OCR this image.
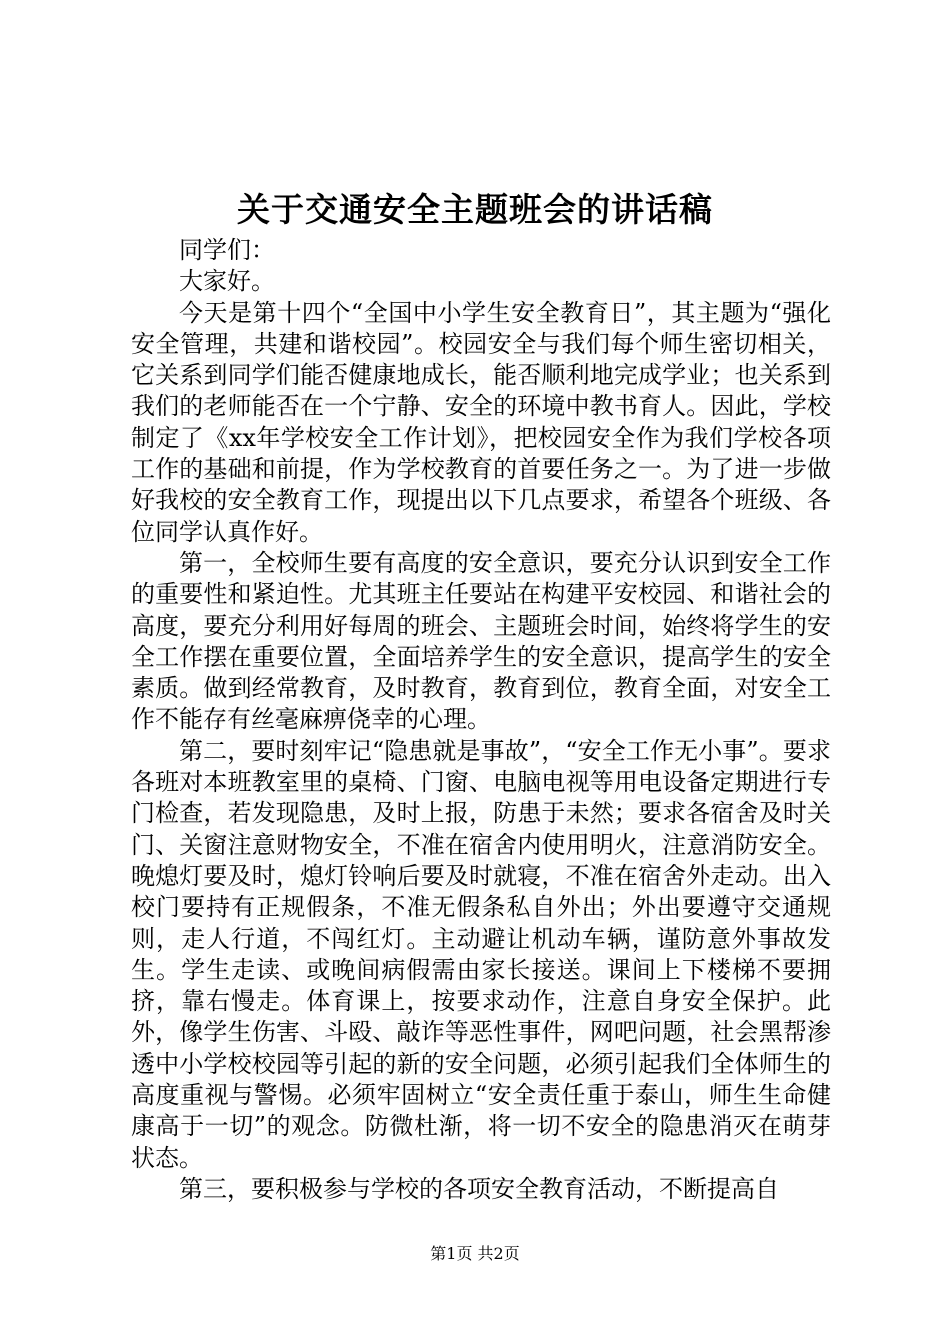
关于交通安全主题班会的讲话稿

同学们：

大家好。

今天是第十四个“全国中小学生安全教育日”，其主题为“强化安全管理，共建和谐校园”。校园安全与我们每个师生密切相关，它关系到同学们能否健康地成长，能否顺利地完成学业；也关系到我们的老师能否在一个宁静、安全的环境中教书育人。因此，学校制定了《xx年学校安全工作计划》，把校园安全作为我们学校各项工作的基础和前提，作为学校教育的首要任务之一。为了进一步做好我校的安全教育工作，现提出以下几点要求，希望各个班级、各位同学认真作好。

第一，全校师生要有高度的安全意识，要充分认识到安全工作的重要性和紧迫性。尤其班主任要站在构建平安校园、和谐社会的高度，要充分利用好每周的班会、主题班会时间，始终将学生的安全工作摆在重要位置，全面培养学生的安全意识，提高学生的安全素质。做到经常教育，及时教育，教育到位，教育全面，对安全工作不能存有丝毫麻痹侥幸的心理。

第二，要时刻牢记“隐患就是事故”，“安全工作无小事”。要求各班对本班教室里的桌椅、门窗、电脑电视等用电设备定期进行专门检查，若发现隐患，及时上报，防患于未然；要求各宿舍及时关门、关窗注意财物安全，不准在宿舍内使用明火，注意消防安全。晚熄灯要及时，熄灯铃响后要及时就寝，不准在宿舍外走动。出入校门要持有正规假条，不准无假条私自外出；外出要遵守交通规则，走人行道，不闯红灯。主动避让机动车辆，谨防意外事故发生。学生走读、或晚间病假需由家长接送。课间上下楼梯不要拥挤，靠右慢走。体育课上，按要求动作，注意自身安全保护。此外，像学生伤害、斗殴、敲诈等恶性事件，网吧问题，社会黑帮渗透中小学校校园等引起的新的安全问题，必须引起我们全体师生的高度重视与警惕。必须牢固树立“安全责任重于泰山，师生生命健康高于一切”的观念。防微杜渐，将一切不安全的隐患消灭在萌芽状态。

第三，要积极参与学校的各项安全教育活动，不断提高自

第1页 共2页
